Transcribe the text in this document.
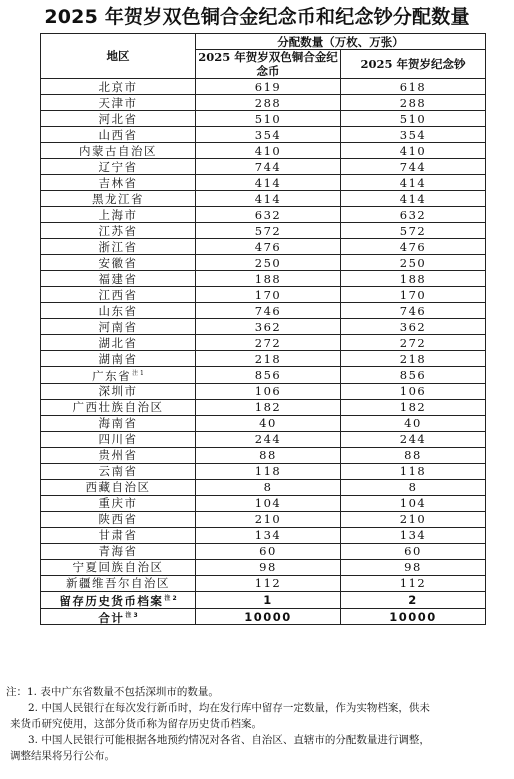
2025 年贺岁双色铜合金纪念币和纪念钞分配数量
地区	分配数量（万枚、万张）	
	2025 年贺岁双色铜合金纪念币	2025 年贺岁纪念钞
北京市	619	618
天津市	288	288
河北省	510	510
山西省	354	354
内蒙古自治区	410	410
辽宁省	744	744
吉林省	414	414
黑龙江省	414	414
上海市	632	632
江苏省	572	572
浙江省	476	476
安徽省	250	250
福建省	188	188
江西省	170	170
山东省	746	746
河南省	362	362
湖北省	272	272
湖南省	218	218
广东省$^{注 1}$	856	856
深圳市	106	106
广西壮族自治区	182	182
海南省	40	40
四川省	244	244
贵州省	88	88
云南省	118	118
西藏自治区	8	8
重庆市	104	104
陕西省	210	210
甘肃省	134	134
青海省	60	60
宁夏回族自治区	98	98
新疆维吾尔自治区	112	112
留存历史货币档案$^{注 2}$	1	2
合计$^{注 3}$	10000	10000

注：1. 表中广东省数量不包括深圳市的数量。

2. 中国人民银行在每次发行新币时，均在发行库中留存一定数量，作为实物档案，供未

来货币研究使用，这部分货币称为留存历史货币档案。

3. 中国人民银行可能根据各地预约情况对各省、自治区、直辖市的分配数量进行调整，

调整结果将另行公布。
